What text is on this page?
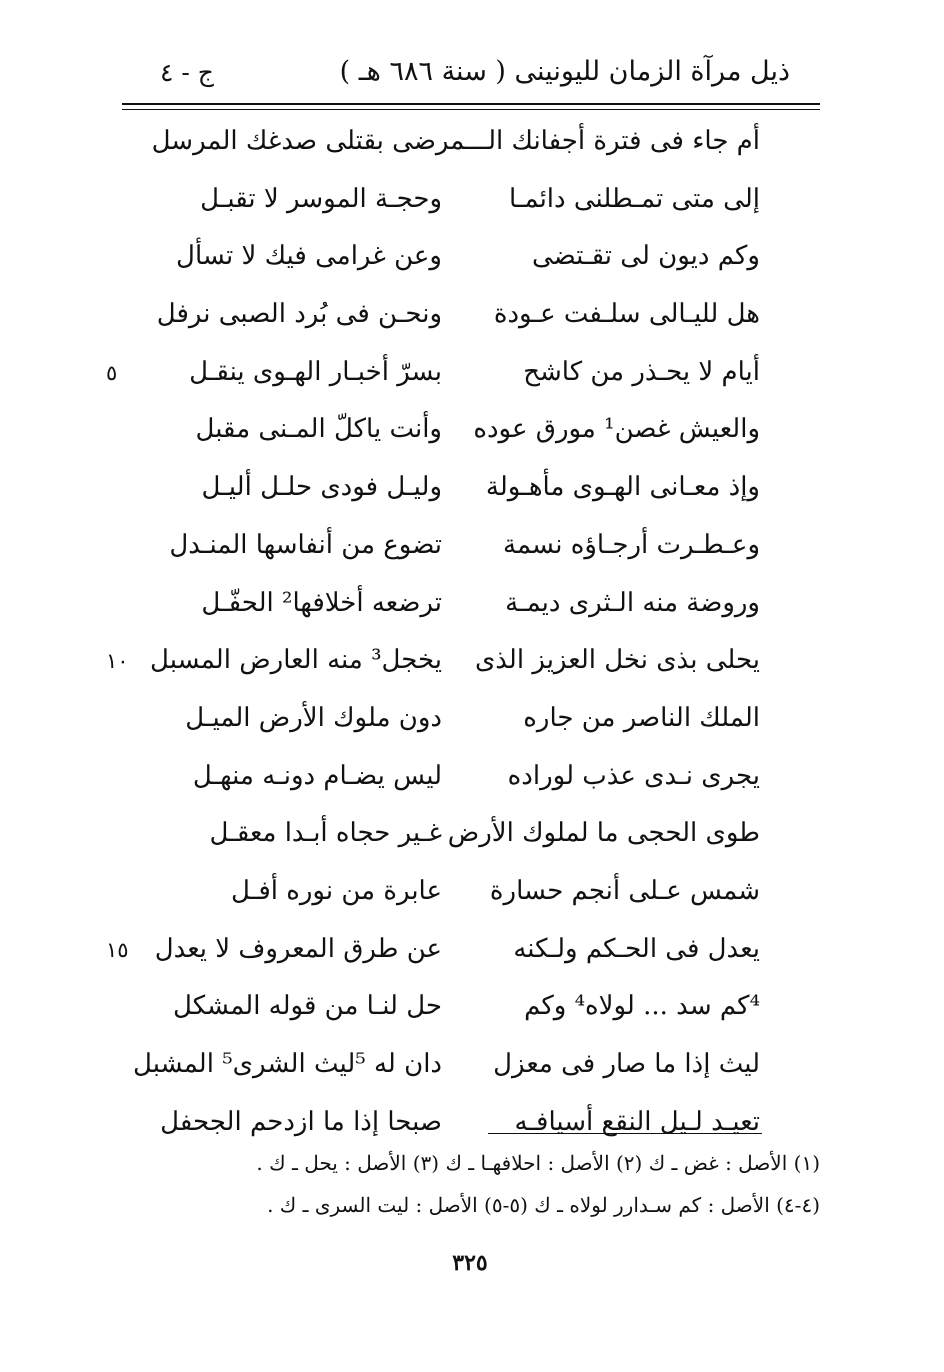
ذيل مرآة الزمان لليونينى ( سنة ٦٨٦ هـ )
ج - ٤
أم جاء فى فترة أجفانك الـــمرضى بقتلى صدغك المرسل
إلى متى تمـطلنى دائمـا
وحجـة الموسر لا تقبـل
وكم ديون لى تقـتضى
وعن غرامى فيك لا تسأل
هل لليـالى سلـفت عـودة
ونحـن فى بُرد الصبى نرفل
أيام لا يحـذر من كاشح
بسرّ أخبـار الهـوى ينقـل
٥
والعيش غصن¹ مورق عوده
وأنت ياكلّ المـنى مقبل
وإذ معـانى الهـوى مأهـولة
وليـل فودى حلـل أليـل
وعـطـرت أرجـاؤه نسمة
تضوع من أنفاسها المنـدل
وروضة منه الـثرى ديمـة
ترضعه أخلافها² الحفّـل
يحلى بذى نخل العزيز الذى
يخجل³ منه العارض المسبل
١٠
الملك الناصر من جاره
دون ملوك الأرض الميـل
يجرى نـدى عذب لوراده
ليس يضـام دونـه منهـل
طوى الحجى ما لملوك الأرض
غـير حجاه أبـدا معقـل
شمس عـلى أنجم حسارة
عابرة من نوره أفـل
يعدل فى الحـكم ولـكنه
عن طرق المعروف لا يعدل
١٥
⁴كم سد ... لولاه⁴ وكم
حل لنـا من قوله المشكل
ليث إذا ما صار فى معزل
دان له ⁵ليث الشرى⁵ المشبل
تعيـد لـيل النقع أسيافـه
صبحا إذا ما ازدحم الجحفل
(١) الأصل : غض ـ ك (٢) الأصل : احلافهـا ـ ك (٣) الأصل : يحل ـ ك .
(٤-٤) الأصل : كم سـدارر لولاه ـ ك (٥-٥) الأصل : ليت السرى ـ ك .
٣٢٥
